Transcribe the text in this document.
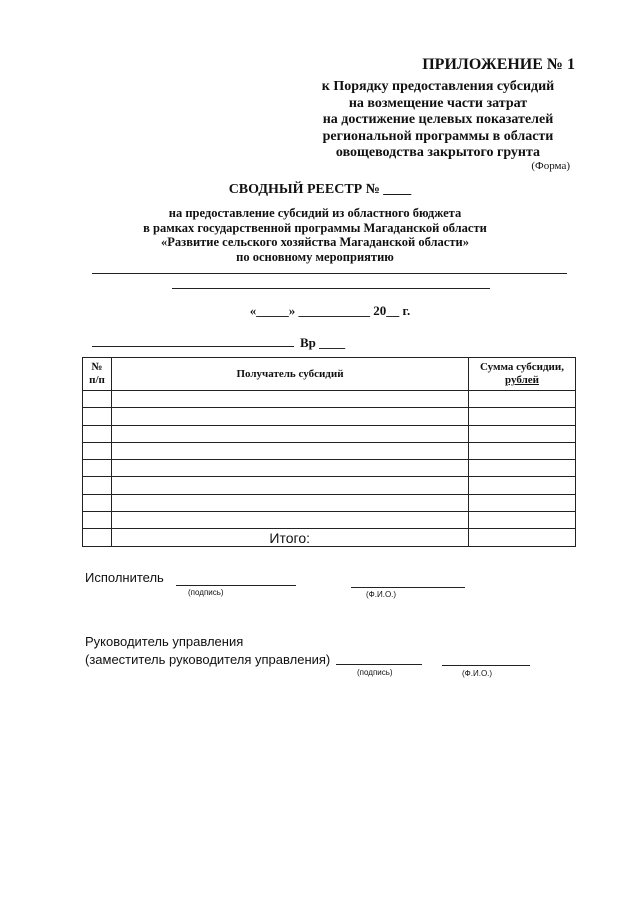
ПРИЛОЖЕНИЕ № 1
к Порядку предоставления субсидий
на возмещение части затрат
на достижение целевых показателей
региональной программы в области
овощеводства закрытого грунта
(Форма)
СВОДНЫЙ РЕЕСТР № ____
на предоставление субсидий из областного бюджета
в рамках государственной программы Магаданской области
«Развитие сельского хозяйства Магаданской области»
по основному мероприятию
«_____» ___________ 20__ г.
Вр ____
№ п/п	Получатель субсидий	Сумма субсидии,
рублей

	Итого:	
Исполнитель
(подпись)	(Ф.И.О.)
Руководитель управления
(заместитель руководителя управления)
(подпись)	(Ф.И.О.)
